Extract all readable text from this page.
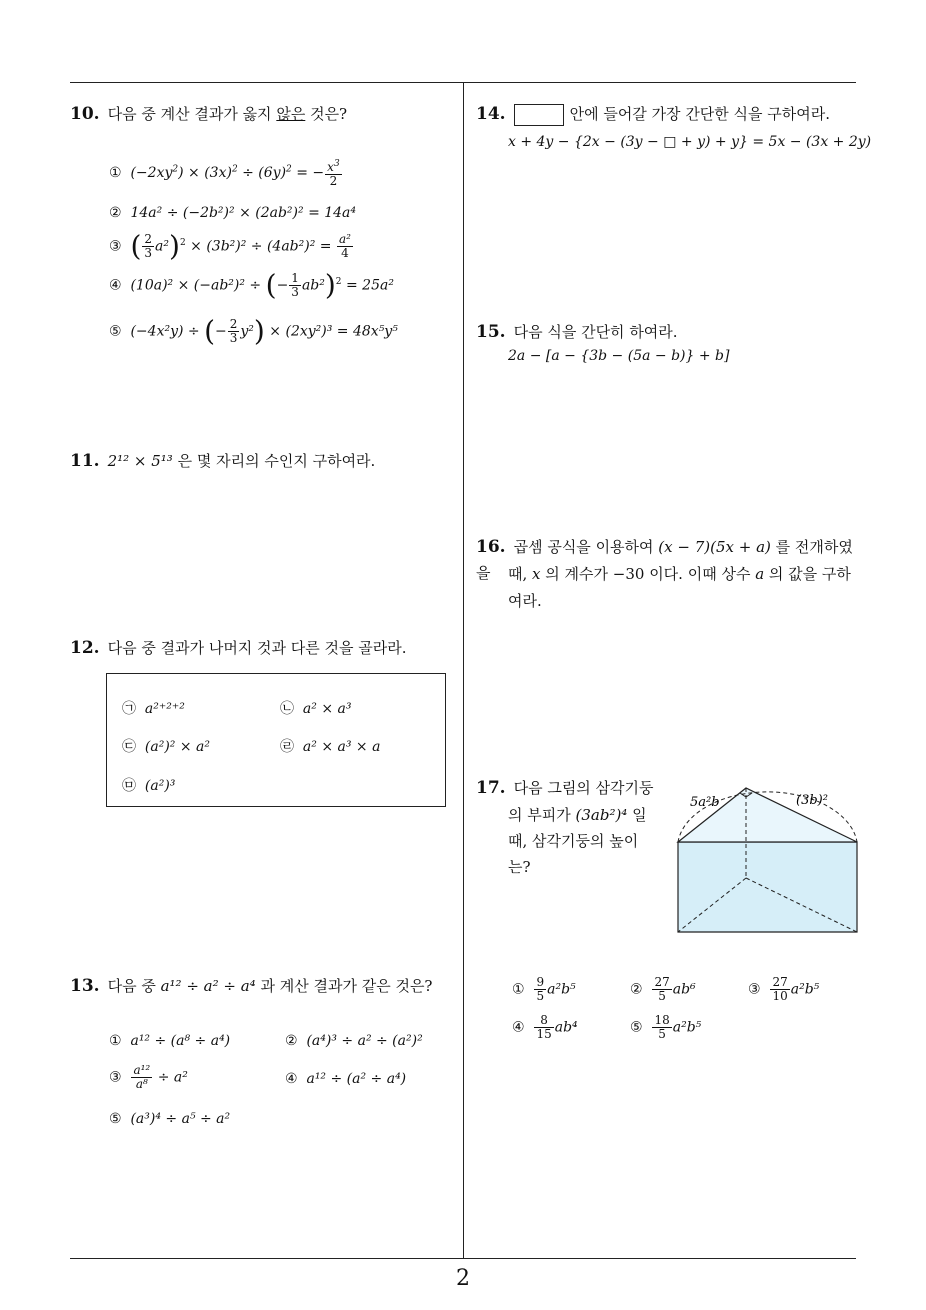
2
10. 다음 중 계산 결과가 옳지 않은 것은?
① $(-2xy^2) \times (3x)^2 \div (6y)^2$ = − $\frac{x^3}{2}$
② 14a² ÷ (−2b²)² × (2ab²)² = 14a⁴
③ ( $\frac{2}{3} a^2)^2 \times (3b^2)^2 \div (4ab^2)^2 = \frac{\text{a²}}{4}$
④ (10a)² × (−ab²)² ÷ (− $\frac{1}{3} ab^2)^2 = 25a^2$
⑤ (−4x²y) ÷ (− $\frac{2}{3} y^2) \times (2xy^2)^3 = 48x^5y^5$
11. 2¹² × 5¹³ 은 몇 자리의 수인지 구하여라.
12. 다음 중 결과가 나머지 것과 다른 것을 골라라.
㉠ a²⁺²⁺²	㉡ a² × a³
㉢ (a²)² × a²	㉣ a² × a³ × a
㉤ (a²)³
13. 다음 중 a¹² ÷ a² ÷ a⁴ 과 계산 결과가 같은 것은?
① a¹² ÷ (a⁸ ÷ a⁴)	② (a⁴)³ ÷ a² ÷ (a²)²
③ $\frac{\text{a¹²}}{\text{a⁸}} \div a^2$	④ a¹² ÷ (a² ÷ a⁴)
⑤ (a³)⁴ ÷ a⁵ ÷ a²
14.	안에 들어갈 가장 간단한 식을 구하여라.
x + 4y − {2x − (3y − □ + y) + y} = 5x − (3x + 2y)
15. 다음 식을 간단히 하여라.
2a − [a − {3b − (5a − b)} + b]
16. 곱셈 공식을 이용하여 (x − 7)(5x + a) 를 전개하였을	때, x 의 계수가 −30 이다. 이때 상수 a 의 값을 구하
여라.
17. 다음 그림의 삼각기둥
의 부피가 (3ab²)⁴ 일
때, 삼각기둥의 높이
는?
5a²b	(3b)²
① $\frac{9}{5} a^2b^5$	② $\frac{27}{5} ab^6$	③ $\frac{27}{10} a^2b^5$
④ $\frac{8}{15} ab^4$	⑤ $\frac{18}{5} a^2b^5$
